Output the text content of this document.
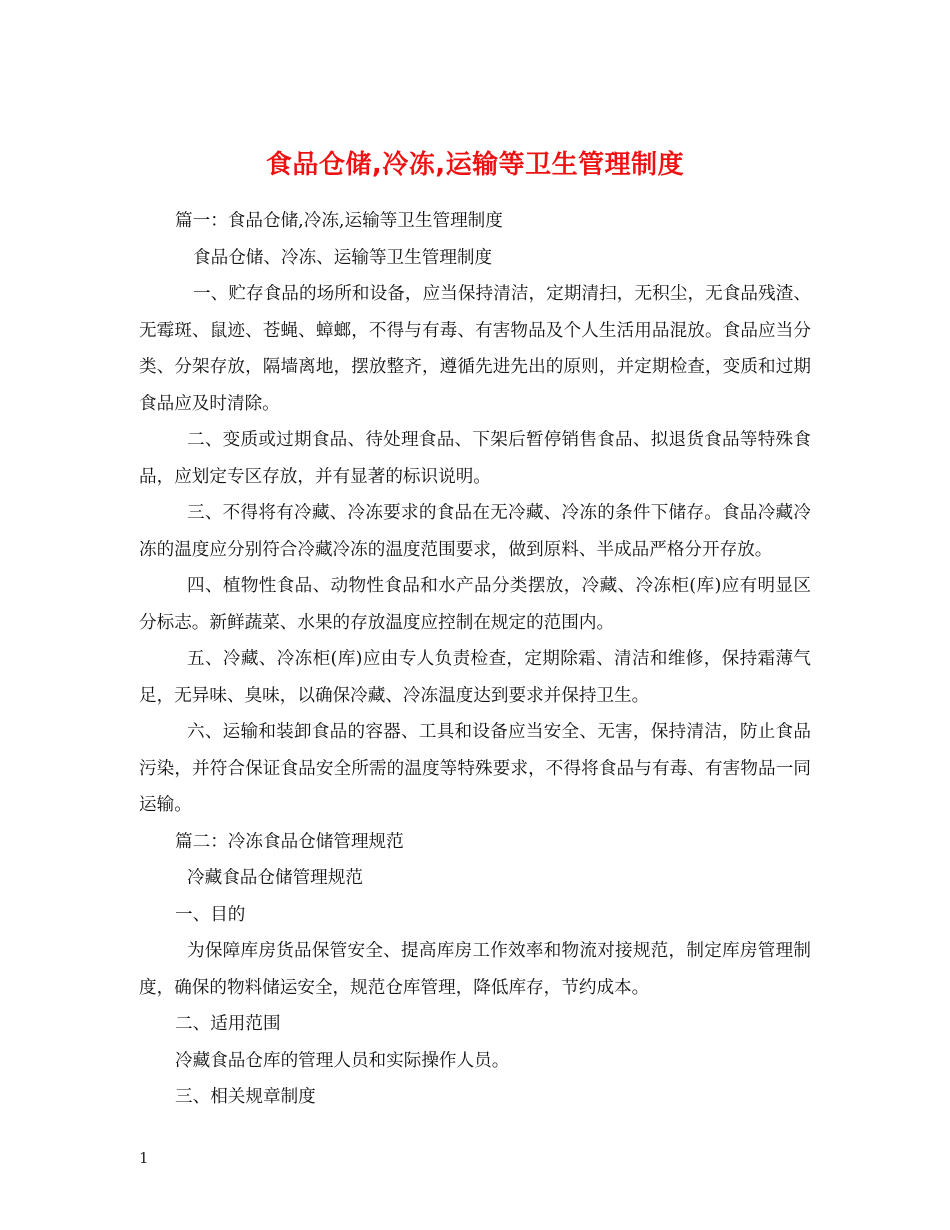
食品仓储,冷冻,运输等卫生管理制度

篇一：食品仓储,冷冻,运输等卫生管理制度

食品仓储、冷冻、运输等卫生管理制度

一、贮存食品的场所和设备，应当保持清洁，定期清扫，无积尘，无食品残渣、无霉斑、鼠迹、苍蝇、蟑螂，不得与有毒、有害物品及个人生活用品混放。食品应当分类、分架存放，隔墙离地，摆放整齐，遵循先进先出的原则，并定期检查，变质和过期食品应及时清除。

二、变质或过期食品、待处理食品、下架后暂停销售食品、拟退货食品等特殊食品，应划定专区存放，并有显著的标识说明。

三、不得将有冷藏、冷冻要求的食品在无冷藏、冷冻的条件下储存。食品冷藏冷冻的温度应分别符合冷藏冷冻的温度范围要求，做到原料、半成品严格分开存放。

四、植物性食品、动物性食品和水产品分类摆放，冷藏、冷冻柜(库)应有明显区分标志。新鲜蔬菜、水果的存放温度应控制在规定的范围内。

五、冷藏、冷冻柜(库)应由专人负责检查，定期除霜、清洁和维修，保持霜薄气足，无异味、臭味，以确保冷藏、冷冻温度达到要求并保持卫生。

六、运输和装卸食品的容器、工具和设备应当安全、无害，保持清洁，防止食品污染，并符合保证食品安全所需的温度等特殊要求，不得将食品与有毒、有害物品一同运输。

篇二：冷冻食品仓储管理规范

冷藏食品仓储管理规范

一、目的

为保障库房货品保管安全、提高库房工作效率和物流对接规范，制定库房管理制度，确保的物料储运安全，规范仓库管理，降低库存，节约成本。

二、适用范围

冷藏食品仓库的管理人员和实际操作人员。

三、相关规章制度

1
